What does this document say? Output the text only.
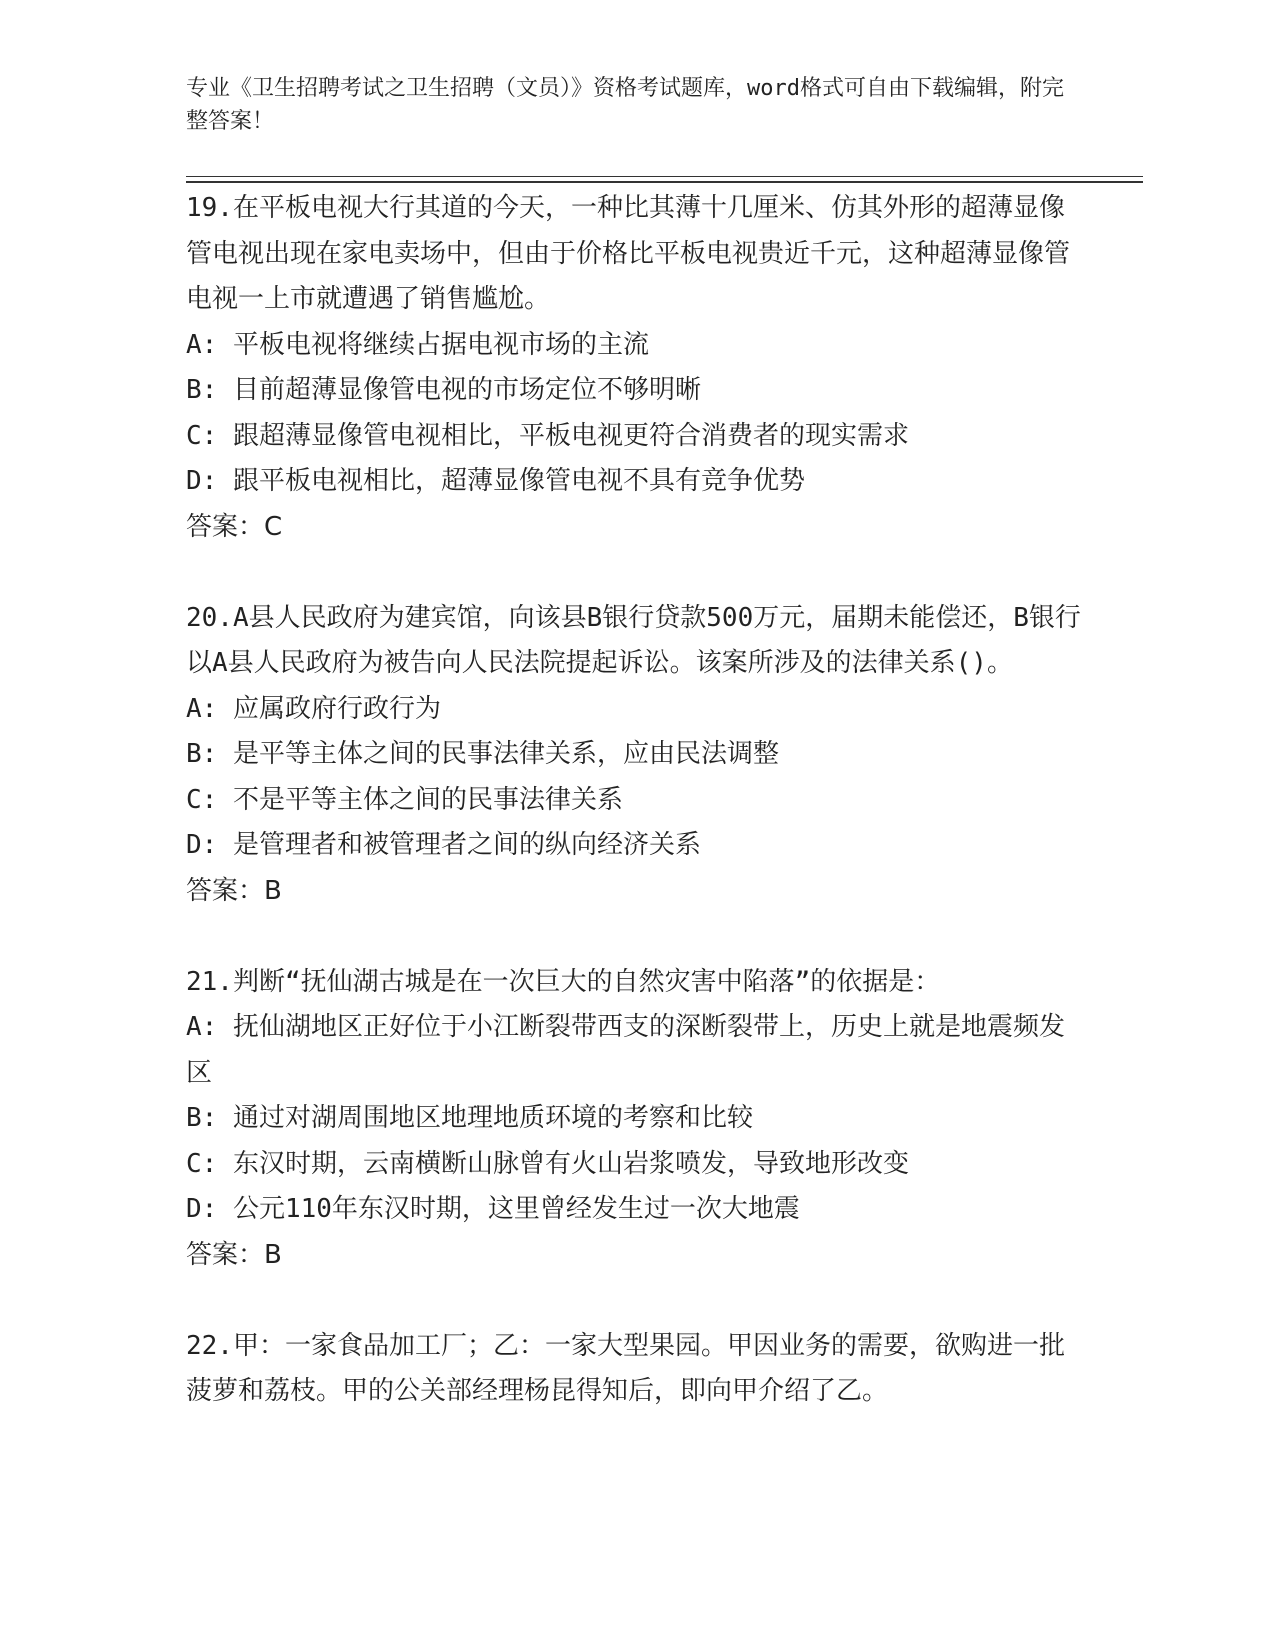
专业《卫生招聘考试之卫生招聘（文员）》资格考试题库，word格式可自由下载编辑，附完整答案！

19.在平板电视大行其道的今天，一种比其薄十几厘米、仿其外形的超薄显像管电视出现在家电卖场中，但由于价格比平板电视贵近千元，这种超薄显像管电视一上市就遭遇了销售尴尬。

A: 平板电视将继续占据电视市场的主流

B: 目前超薄显像管电视的市场定位不够明晰

C: 跟超薄显像管电视相比，平板电视更符合消费者的现实需求

D: 跟平板电视相比，超薄显像管电视不具有竞争优势

答案：C

20.A县人民政府为建宾馆，向该县B银行贷款500万元，届期未能偿还，B银行以A县人民政府为被告向人民法院提起诉讼。该案所涉及的法律关系()。

A: 应属政府行政行为

B: 是平等主体之间的民事法律关系，应由民法调整

C: 不是平等主体之间的民事法律关系

D: 是管理者和被管理者之间的纵向经济关系

答案：B

21.判断“抚仙湖古城是在一次巨大的自然灾害中陷落”的依据是：

A: 抚仙湖地区正好位于小江断裂带西支的深断裂带上，历史上就是地震频发区

B: 通过对湖周围地区地理地质环境的考察和比较

C: 东汉时期，云南横断山脉曾有火山岩浆喷发，导致地形改变

D: 公元110年东汉时期，这里曾经发生过一次大地震

答案：B

22.甲：一家食品加工厂；乙：一家大型果园。甲因业务的需要，欲购进一批菠萝和荔枝。甲的公关部经理杨昆得知后，即向甲介绍了乙。
